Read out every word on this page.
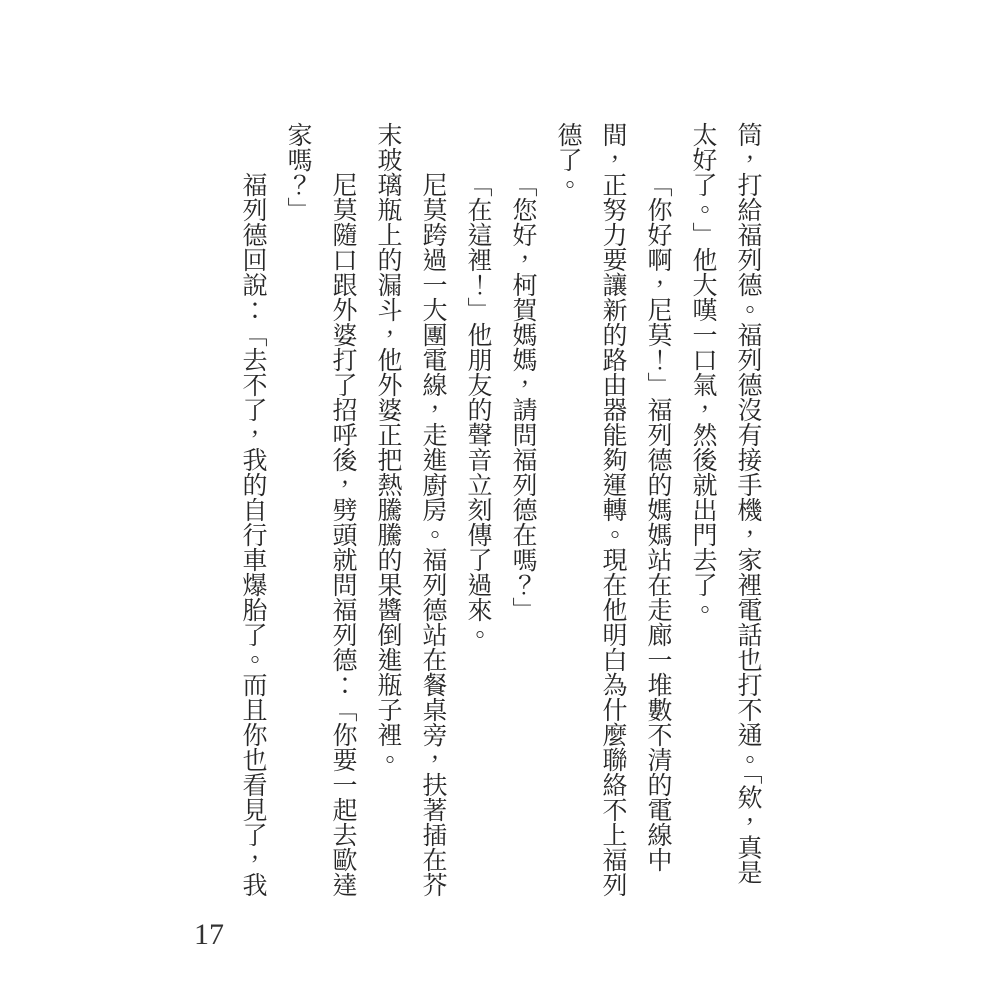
筒，打給福列德。福列德沒有接手機，家裡電話也打不通。「欸，真是太好了。」他大嘆一口氣，然後就出門去了。

「你好啊，尼莫！」福列德的媽媽站在走廊一堆數不清的電線中間，正努力要讓新的路由器能夠運轉。現在他明白為什麼聯絡不上福列德了。

「您好，柯賀媽媽，請問福列德在嗎？」

「在這裡！」他朋友的聲音立刻傳了過來。

尼莫跨過一大團電線，走進廚房。福列德站在餐桌旁，扶著插在芥末玻璃瓶上的漏斗，他外婆正把熱騰騰的果醬倒進瓶子裡。

尼莫隨口跟外婆打了招呼後，劈頭就問福列德：「你要一起去歐達家嗎？」

福列德回說：「去不了，我的自行車爆胎了。而且你也看見了，我

17
